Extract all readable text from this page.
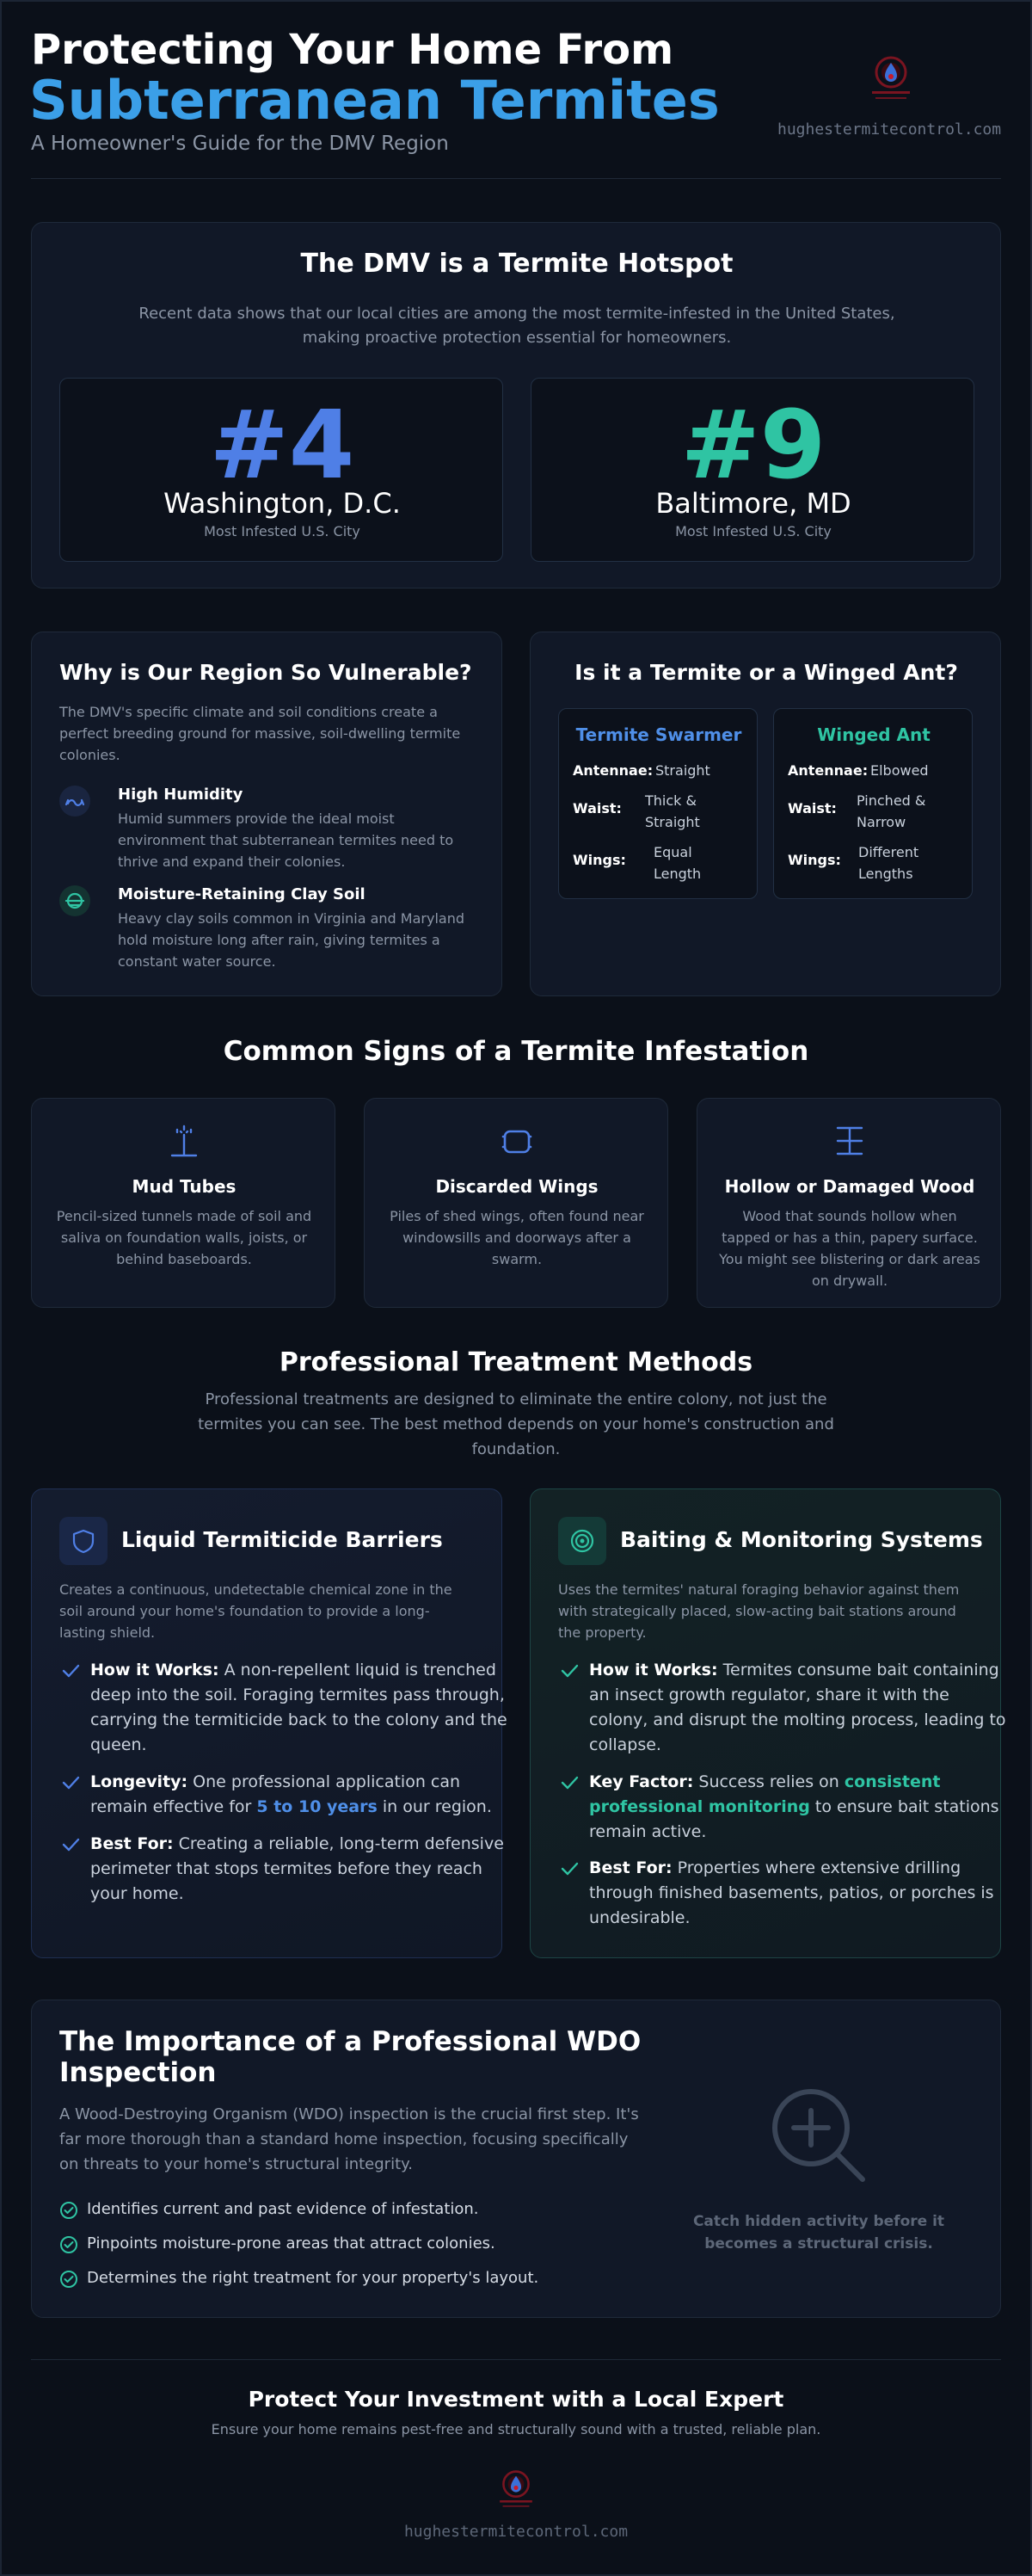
Protecting Your Home From
Subterranean Termites
A Homeowner's Guide for the DMV Region
hughestermitecontrol.com
The DMV is a Termite Hotspot
Recent data shows that our local cities are among the most termite-infested in the United States,
making proactive protection essential for homeowners.
#4
Washington, D.C.
Most Infested U.S. City
#9
Baltimore, MD
Most Infested U.S. City
Why is Our Region So Vulnerable?
The DMV's specific climate and soil conditions create a perfect breeding ground for massive, soil-dwelling termite colonies.
High Humidity
Humid summers provide the ideal moist environment that subterranean termites need to thrive and expand their colonies.
Moisture-Retaining Clay Soil
Heavy clay soils common in Virginia and Maryland hold moisture long after rain, giving termites a constant water source.
Is it a Termite or a Winged Ant?
Termite Swarmer
Antennae: Straight
Waist: Thick & Straight
Wings: Equal Length
Winged Ant
Antennae: Elbowed
Waist: Pinched & Narrow
Wings: Different Lengths
Common Signs of a Termite Infestation
Mud Tubes
Pencil-sized tunnels made of soil and saliva on foundation walls, joists, or behind baseboards.
Discarded Wings
Piles of shed wings, often found near windowsills and doorways after a swarm.
Hollow or Damaged Wood
Wood that sounds hollow when tapped or has a thin, papery surface. You might see blistering or dark areas on drywall.
Professional Treatment Methods
Professional treatments are designed to eliminate the entire colony, not just the termites you can see. The best method depends on your home's construction and foundation.
Liquid Termiticide Barriers
Creates a continuous, undetectable chemical zone in the soil around your home's foundation to provide a long-lasting shield.
How it Works: A non-repellent liquid is trenched deep into the soil. Foraging termites pass through, carrying the termiticide back to the colony and the queen.
Longevity: One professional application can remain effective for 5 to 10 years in our region.
Best For: Creating a reliable, long-term defensive perimeter that stops termites before they reach your home.
Baiting & Monitoring Systems
Uses the termites' natural foraging behavior against them with strategically placed, slow-acting bait stations around the property.
How it Works: Termites consume bait containing an insect growth regulator, share it with the colony, and disrupt the molting process, leading to collapse.
Key Factor: Success relies on consistent professional monitoring to ensure bait stations remain active.
Best For: Properties where extensive drilling through finished basements, patios, or porches is undesirable.
The Importance of a Professional WDO Inspection
A Wood-Destroying Organism (WDO) inspection is the crucial first step. It's far more thorough than a standard home inspection, focusing specifically on threats to your home's structural integrity.
Identifies current and past evidence of infestation.
Pinpoints moisture-prone areas that attract colonies.
Determines the right treatment for your property's layout.
Catch hidden activity before it becomes a structural crisis.
Protect Your Investment with a Local Expert
Ensure your home remains pest-free and structurally sound with a trusted, reliable plan.
hughestermitecontrol.com
